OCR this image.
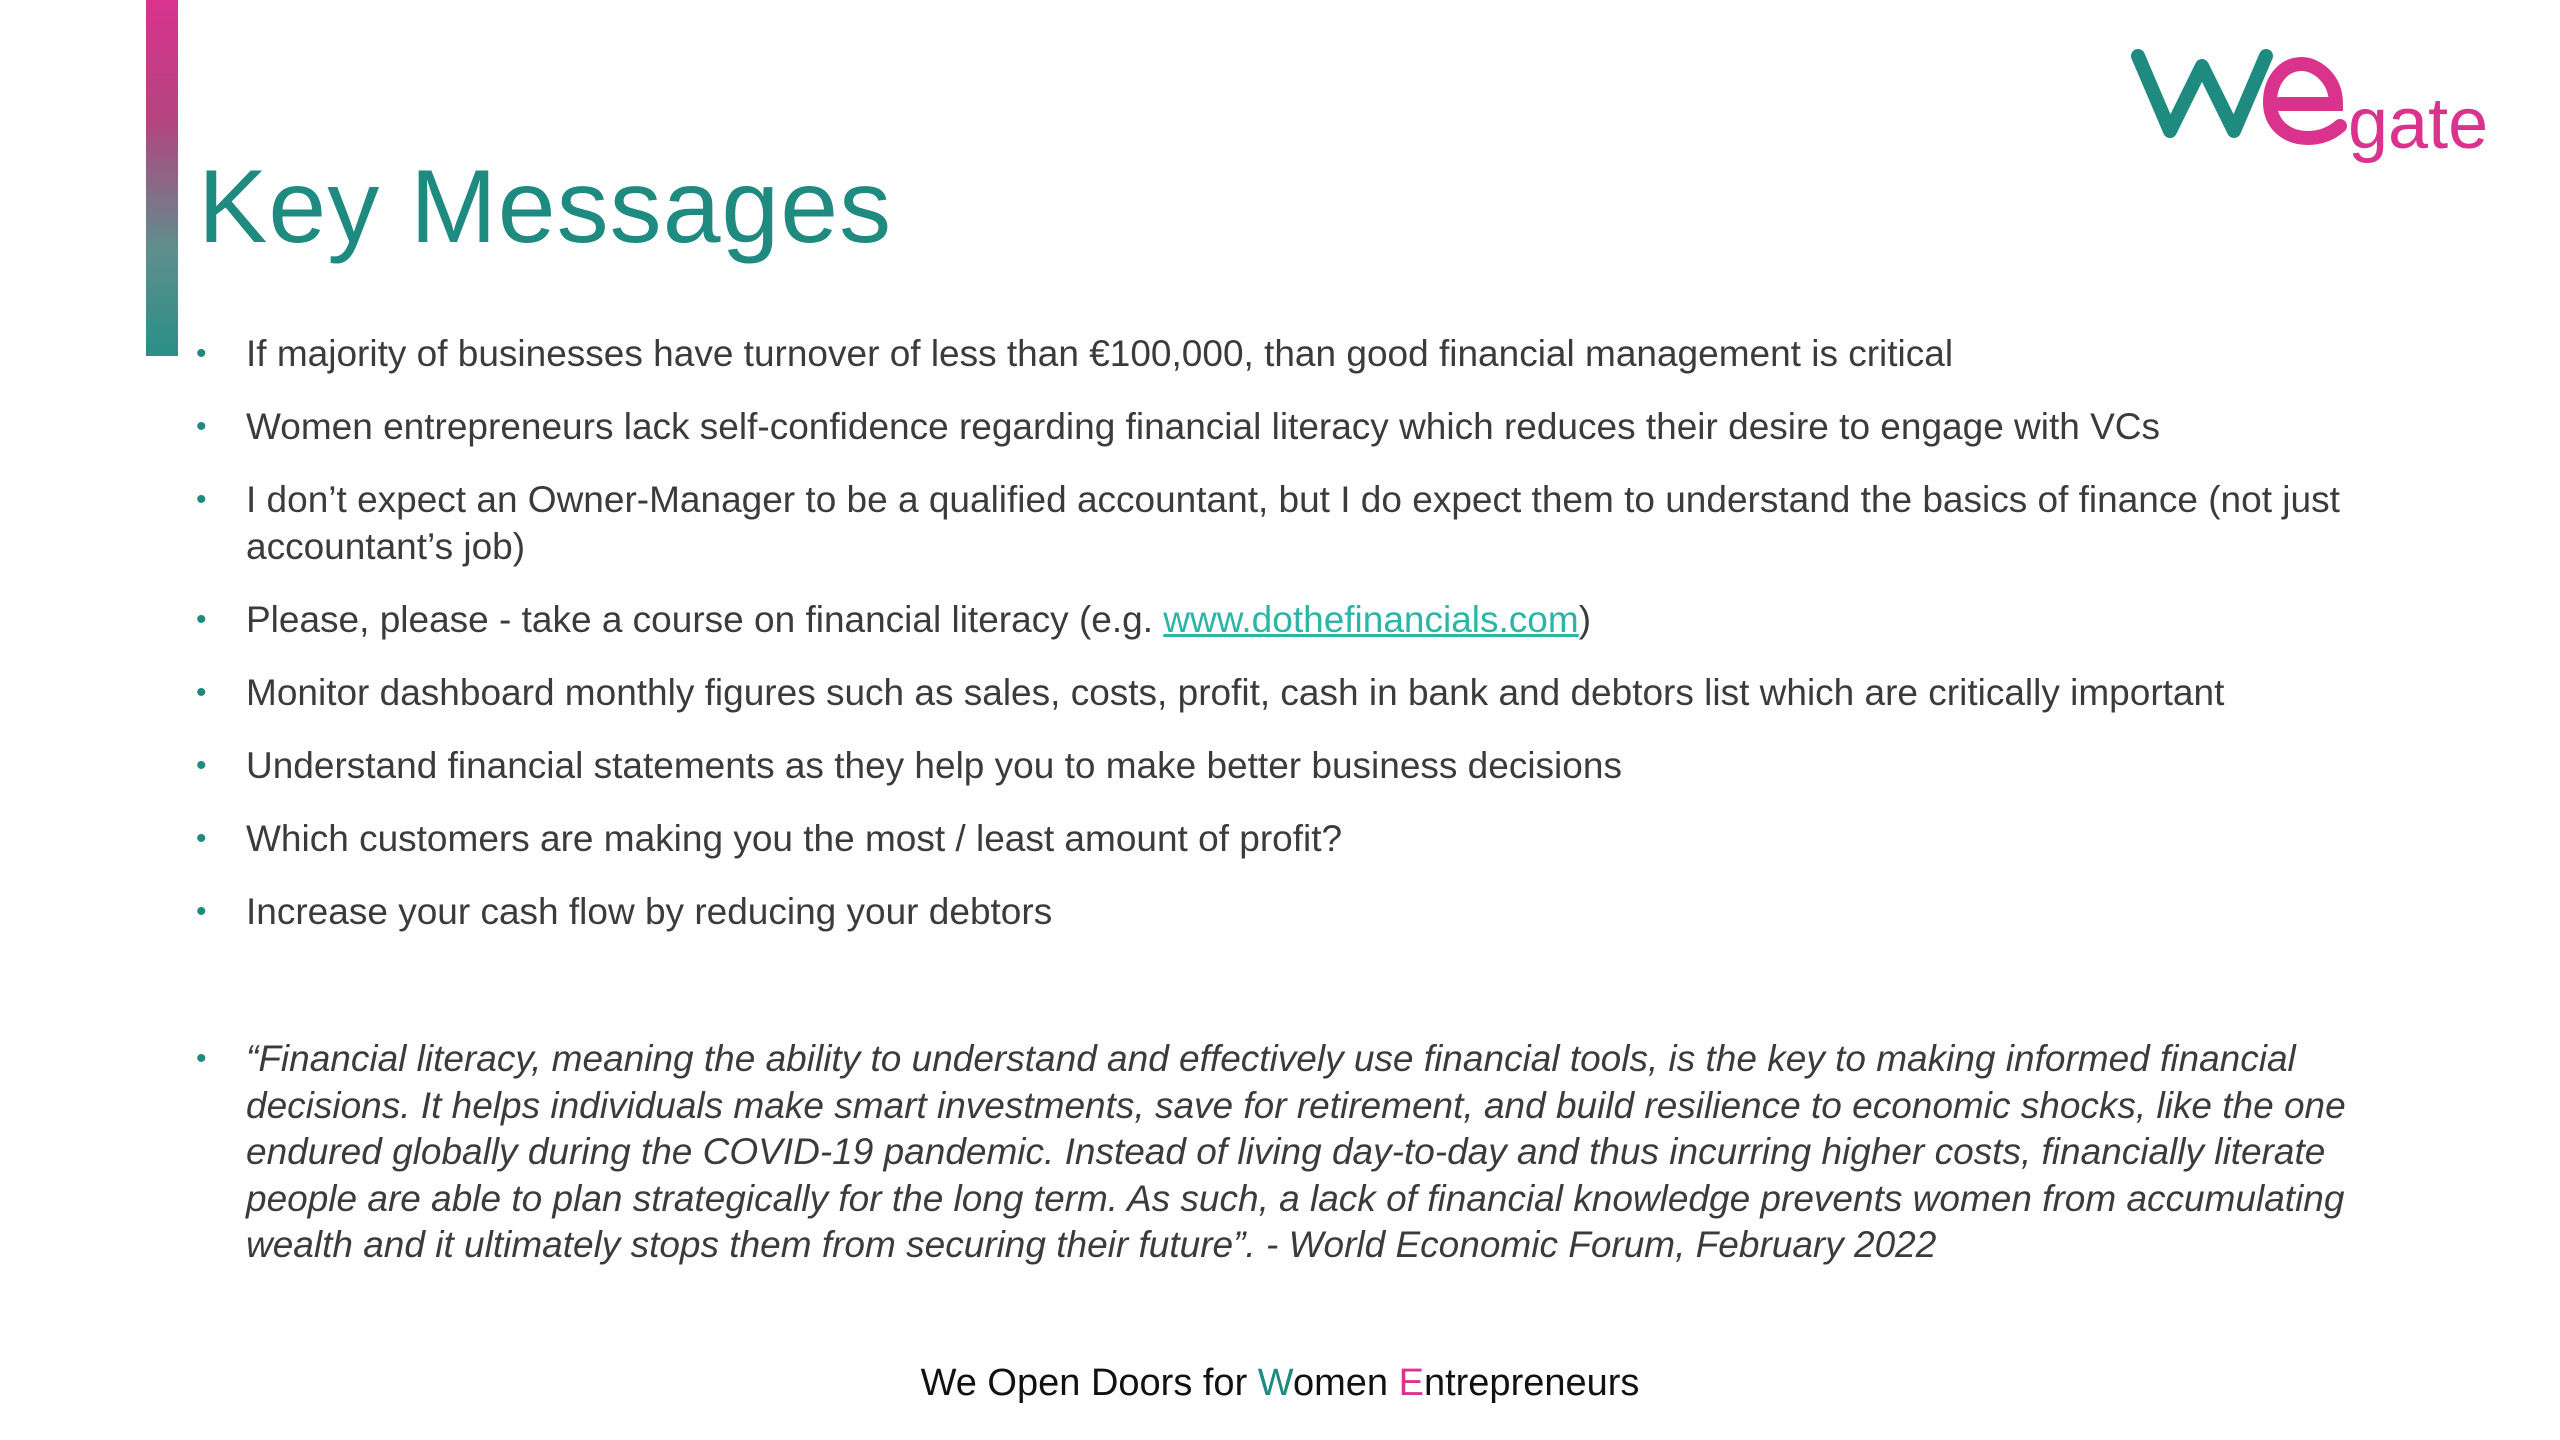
Key Messages
gate
• If majority of businesses have turnover of less than €100,000, than good financial management is critical
• Women entrepreneurs lack self-confidence regarding financial literacy which reduces their desire to engage with VCs
• I don’t expect an Owner-Manager to be a qualified accountant, but I do expect them to understand the basics of finance (not just accountant’s job)
• Please, please - take a course on financial literacy (e.g. www.dothefinancials.com)
• Monitor dashboard monthly figures such as sales, costs, profit, cash in bank and debtors list which are critically important
• Understand financial statements as they help you to make better business decisions
• Which customers are making you the most / least amount of profit?
• Increase your cash flow by reducing your debtors
• “Financial literacy, meaning the ability to understand and effectively use financial tools, is the key to making informed financial decisions. It helps individuals make smart investments, save for retirement, and build resilience to economic shocks, like the one endured globally during the COVID-19 pandemic. Instead of living day-to-day and thus incurring higher costs, financially literate people are able to plan strategically for the long term. As such, a lack of financial knowledge prevents women from accumulating wealth and it ultimately stops them from securing their future”. - World Economic Forum, February 2022
We Open Doors for Women Entrepreneurs
